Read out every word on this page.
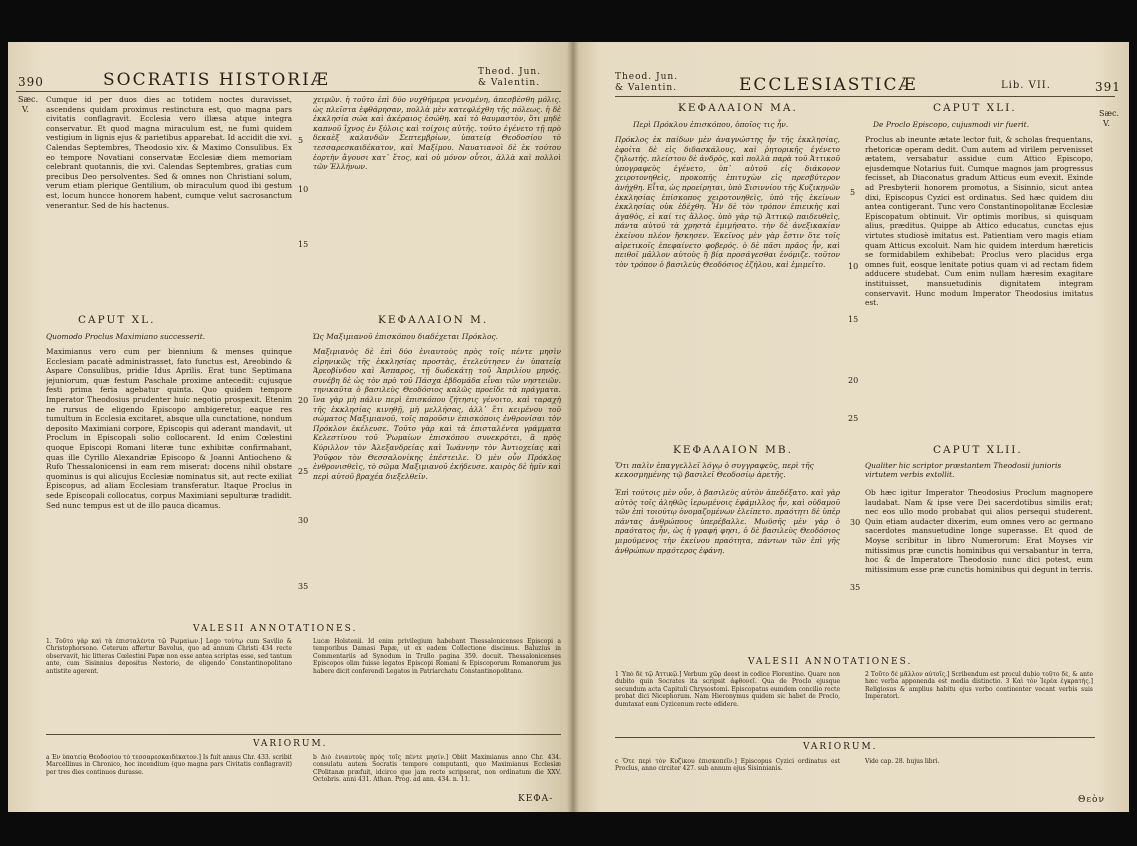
390	SOCRATIS HISTORIÆ	Theod. Jun.
& Valentin.
Sæc.
V.
Cumque id per duos dies ac totidem noctes duravisset, ascendens quidam proximus restinctura est, quo magna pars civitatis conflagravit. Ecclesia vero illæsa atque integra conservatur. Et quod magna miraculum est, ne fumi quidem vestigium in lignis ejus & parietibus apparebat. Id accidit die xvi. Calendas Septembres, Theodosio xiv. & Maximo Consulibus. Ex eo tempore Novatiani conservatæ Ecclesiæ diem memoriam celebrant quotannis, die xvi. Calendas Septembres, gratias cum precibus Deo persolventes. Sed & omnes non Christiani solum, verum etiam plerique Gentilium, ob miraculum quod ibi gestum est, locum huncce honorem habent, cumque velut sacrosanctum venerantur. Sed de his hactenus.
5
10
15
χειμῶν. ἡ τοῦτο ἐπὶ δύο νυχθήμερα γενομένη, ἀπεσβέσθη μόλις. ὡς πλεῖστα ἐφθάρησαν, πολλὰ μὲν κατεφλέχθη τῆς πόλεως. ἡ δὲ ἐκκλησία σώα καὶ ἀκέραιος ἐσώθη. καὶ τὸ θαυμαστὸν, ὅτι μηδὲ καπνοῦ ἴχνος ἐν ξύλοις καὶ τοίχοις αὐτῆς. τοῦτο ἐγένετο τῇ πρὸ δεκαὲξ καλανδῶν Σεπτεμβρίων, ὑπατείᾳ Θεοδοσίου τὸ τεσσαρεσκαιδέκατον, καὶ Μαξίμου. Ναυατιανοὶ δὲ ἐκ τούτου ἑορτὴν ἄγουσι κατ᾽ ἔτος, καὶ οὐ μόνον οὗτοι, ἀλλὰ καὶ πολλοὶ τῶν Ἑλλήνων.
CAPUT XL.	ΚΕΦΑΛΑΙΟΝ Μ.
Quomodo Proclus Maximiano successerit.	Ὡς Μαξιμιανοῦ ἐπισκόπου διαδέχεται Πρόκλος.
Maximianus vero cum per biennium & menses quinque Ecclesiam pacatè administrasset, fato functus est, Areobindo & Aspare Consulibus, pridie Idus Aprilis. Erat tunc Septimana jejuniorum, quæ festum Paschale proxime antecedit: cujusque festi prima feria agebatur quinta. Quo quidem tempore Imperator Theodosius prudenter huic negotio prospexit. Etenim ne rursus de eligendo Episcopo ambigeretur, eaque res tumultum in Ecclesia excitaret, absque ulla cunctatione, nondum deposito Maximiani corpore, Episcopis qui aderant mandavit, ut Proclum in Episcopali solio collocarent. Id enim Cœlestini quoque Episcopi Romani literæ tunc exhibitæ confirmabant, quas ille Cyrillo Alexandriæ Episcopo & Joanni Antiocheno & Rufo Thessalonicensi in eam rem miserat: docens nihil obstare quominus is qui alicujus Ecclesiæ nominatus sit, aut recte exiliat Episcopus, ad aliam Ecclesiam transferatur. Itaque Proclus in sede Episcopali collocatus, corpus Maximiani sepulturæ tradidit. Sed nunc tempus est ut de illo pauca dicamus.
20
25
30
35
Μαξιμιανὸς δὲ ἐπὶ δύο ἐνιαυτοὺς πρὸς τοῖς πέντε μησὶν εἰρηνικῶς τῆς ἐκκλησίας προστὰς, ἐτελεύτησεν ἐν ὑπατείᾳ Ἀρεοβίνδου καὶ Ἀσπαρος, τῇ δωδεκάτῃ τοῦ Ἀπριλίου μηνός. συνέβη δὲ ὡς τὸν πρὸ τοῦ Πάσχα ἑβδομάδα εἶναι τῶν νηστειῶν. τηνικαῦτα ὁ βασιλεὺς Θεοδόσιος καλῶς προεῖδε τὰ πράγματα. ἵνα γὰρ μὴ πάλιν περὶ ἐπισκόπου ζήτησις γένοιτο, καὶ ταραχὴ τῆς ἐκκλησίας κινηθῇ, μὴ μελλήσας, ἀλλ᾽ ἔτι κειμένου τοῦ σώματος Μαξιμιανοῦ, τοῖς παροῦσιν ἐπισκόποις ἐνθρονίσαι τὸν Πρόκλον ἐκέλευσε. Τοῦτο γὰρ καὶ τὰ ἐπισταλέντα γράμματα Κελεστίνου τοῦ Ῥωμαίων ἐπισκόπου συνεκρότει, ἃ πρὸς Κύριλλον τὸν Ἀλεξανδρείας καὶ Ἰωάννην τὸν Ἀντιοχείας καὶ Ῥοῦφον τὸν Θεσσαλονίκης ἐπέστειλε. Ὁ μὲν οὖν Πρόκλος ἐνθρονισθεὶς, τὸ σῶμα Μαξιμιανοῦ ἐκήδευσε. καιρὸς δὲ ἡμῖν καὶ περὶ αὐτοῦ βραχέα διεξελθεῖν.
VALESII ANNOTATIONES.
1. Τοῦτο γὰρ καὶ τὰ ἐπισταλέντα τῷ Ῥωμαίων.] Lego τούτῳ cum Savilio & Christophorsono. Ceterum affertur Bavolus, quo ad annum Christi 434 recte observavit, hic litteras Cœlestini Papæ non esse antea scriptas esse, sed tantum ante, cum Sisinnius depositus Nestorio, de eligendo Constantinopolitano antistite agerent.
Lucæ Holstenii. Id enim privilegium habebant Thessalonicenses Episcopi a temporibus Damasi Papæ, ut ex eadem Collectione discimus. Baluzius in Commentariis ad Synodum in Trullo pagina 359. docuit. Thessalonicenses Episcopos olim fuisse legatos Episcopi Romani & Episcoporum Romanorum jus habere dicit conferendi Legatos in Patriarchatu Constantinopolitano.
VARIORUM.
a Ἐν ὑπατείᾳ Θεοδοσίου τὸ τεσσαρεσκαιδέκατον.] Is fuit annus Chr. 433. scribit Marcellinus in Chronico, hoc incendium (quo magna pars Civitatis conflagravit) per tres dies continuos durasse.
b Διὸ ἐνιαυτοὺς πρὸς τοῖς πέντε μησίν.] Obiit Maximianus anno Chr. 434. consulatu autem Socratis tempore computanti, quo Maximianus Ecclesiæ CPolitanæ præfuit, idcirco que jam recte scripserat, non ordinatum die XXV. Octobris. anni 431. Athan. Prog. ad ann. 434. n. 11.
ΚΕΦΑ-
Theod. Jun.
& Valentin.	ECCLESIASTICÆ	Lib. VII.	391
Sæc.
V.
ΚΕΦΑΛΑΙΟΝ ΜΑ.	CAPUT XLI.
Περὶ Πρόκλου ἐπισκόπου, ὁποῖος τις ἦν.	De Proclo Episcopo, cujusmodi vir fuerit.
Πρόκλος ἐκ παίδων μὲν ἀναγνώστης ἦν τῆς ἐκκλησίας, ἐφοίτα δὲ εἰς διδασκάλους, καὶ ῥητορικῆς ἐγένετο ζηλωτής. πλείστου δὲ ἀνδρὸς, καὶ πολλὰ παρὰ τοῦ Ἀττικοῦ ὑπογραφεὺς ἐγένετο, ὑπ᾽ αὐτοῦ εἰς διάκονον χειροτονηθεὶς, προκοπῆς ἐπιτυχὼν εἰς πρεσβύτερον ἀνήχθη. Εἶτα, ὡς προείρηται, ὑπὸ Σισιννίου τῆς Κυζικηνῶν ἐκκλησίας ἐπίσκοπος χειροτονηθεὶς, ὑπὸ τῆς ἐκείνων ἐκκλησίας οὐκ ἐδέχθη. Ἦν δὲ τὸν τρόπον ἐπιεικὴς καὶ ἀγαθὸς, εἰ καί τις ἄλλος. ὑπὸ γὰρ τῷ Ἀττικῷ παιδευθεὶς, πάντα αὐτοῦ τὰ χρηστὰ ἐμιμήσατο. τὴν δὲ ἀνεξικακίαν ἐκείνου πλέον ἤσκησεν. Ἐκεῖνος μὲν γὰρ ἔστιν ὅτε τοῖς αἱρετικοῖς ἐπεφαίνετο φοβερός. ὁ δὲ πᾶσι πρᾶος ἦν, καὶ πειθοῖ μᾶλλον αὐτοὺς ἢ βίᾳ προσάγεσθαι ἐνόμιζε. τοῦτον τὸν τρόπον ὁ βασιλεὺς Θεοδόσιος ἐζήλου, καὶ ἐμιμεῖτο.
5
10
15
20
25
Proclus ab ineunte ætate lector fuit, & scholas frequentans, rhetoricæ operam dedit. Cum autem ad virilem pervenisset ætatem, versabatur assidue cum Attico Episcopo, ejusdemque Notarius fuit. Cumque magnos jam progressus fecisset, ab Diaconatus gradum Atticus eum evexit. Exinde ad Presbyterii honorem promotus, a Sisinnio, sicut antea dixi, Episcopus Cyzici est ordinatus. Sed hæc quidem diu antea contigerant. Tunc vero Constantinopolitanæ Ecclesiæ Episcopatum obtinuit. Vir optimis moribus, si quisquam alius, præditus. Quippe ab Attico educatus, cunctas ejus virtutes studiosè imitatus est. Patientiam vero magis etiam quam Atticus excoluit. Nam hic quidem interdum hæreticis se formidabilem exhibebat: Proclus vero placidus erga omnes fuit, eosque lenitate potius quam vi ad rectam fidem adducere studebat. Cum enim nullam hæresim exagitare instituisset, mansuetudinis dignitatem integram conservavit. Hunc modum Imperator Theodosius imitatus est.
ΚΕΦΑΛΑΙΟΝ ΜΒ.	CAPUT XLII.
Ὅτι παλὶν ἐπαγγελλεῖ λόγῳ ὁ συγγραφεὺς, περὶ τῆς κεκοσμημένης τῷ βασιλεῖ Θεοδοσίῳ ἀρετῆς.
Qualiter hic scriptor præstantem Theodosii junioris virtutem verbis extollit.
Ἐπὶ τούτοις μὲν οὖν, ὁ βασιλεὺς αὐτὸν ἀπεδέξατο. καὶ γὰρ αὐτὸς τοῖς ἀληθῶς ἱερωμένοις ἐφάμιλλος ἦν, καὶ οὐδαμοῦ τῶν ἐπὶ τοιούτῳ ὀνομαζομένων ἐλείπετο. πραότητι δὲ ὑπὲρ πάντας ἀνθρώπους ὑπερέβαλλε. Μωϋσῆς μὲν γὰρ ὁ πραότατος ἦν, ὡς ἡ γραφή φησι, ὁ δὲ βασιλεὺς Θεοδόσιος μιμούμενος τὴν ἐκείνου πραότητα, πάντων τῶν ἐπὶ γῆς ἀνθρώπων πρᾳότερος ἐφάνη.
30
35
Ob hæc igitur Imperator Theodosius Proclum magnopere laudabat. Nam & ipse vere Dei sacerdotibus similis erat; nec eos ullo modo probabat qui alios persequi studerent. Quin etiam audacter dixerim, eum omnes vero ac germano sacerdotes mansuetudine longe superasse. Et quod de Moyse scribitur in libro Numerorum: Erat Moyses vir mitissimus præ cunctis hominibus qui versabantur in terra, hoc & de Imperatore Theodosio nunc dici potest, eum mitissimum esse præ cunctis hominibus qui degunt in terris.
VALESII ANNOTATIONES.
1 Ὑπὸ δὲ τῷ Ἀττικῷ.] Verbum χῶρ deest in codice Florentino. Quare non dubito quin Socrates ita scripsit ἀφθονεῖ. Qua de Proclo ejusque secundum acta Capituli Chrysostomi. Episcopatus eumdem concilio recte probat dici Nicephorum. Nam Hieronymus quidem sic habet de Proclo, dumtaxat eum Cyzicenum recte edidere.
2 Τοῦτο δὲ μᾶλλον αὐτοῖς.] Scribendum est procul dubio τοῦτο δὲ, & ante hæc verba apponenda est media distinctio. 3 Καὶ τὸν Ἱερέα ἐγκρατής.] Religiosus & amplius habitu ejus verbo continenter vocant verbis suis Imperatori.
VARIORUM.
c Ὅτε περὶ τὸν Κυζίκου ἐπισκοπεῖν.] Episcopus Cyzici ordinatus est Proclus, anno circiter 427. sub annum ejus Sisinnianis.
Vide cap. 28. hujus libri.
Θεὸν
